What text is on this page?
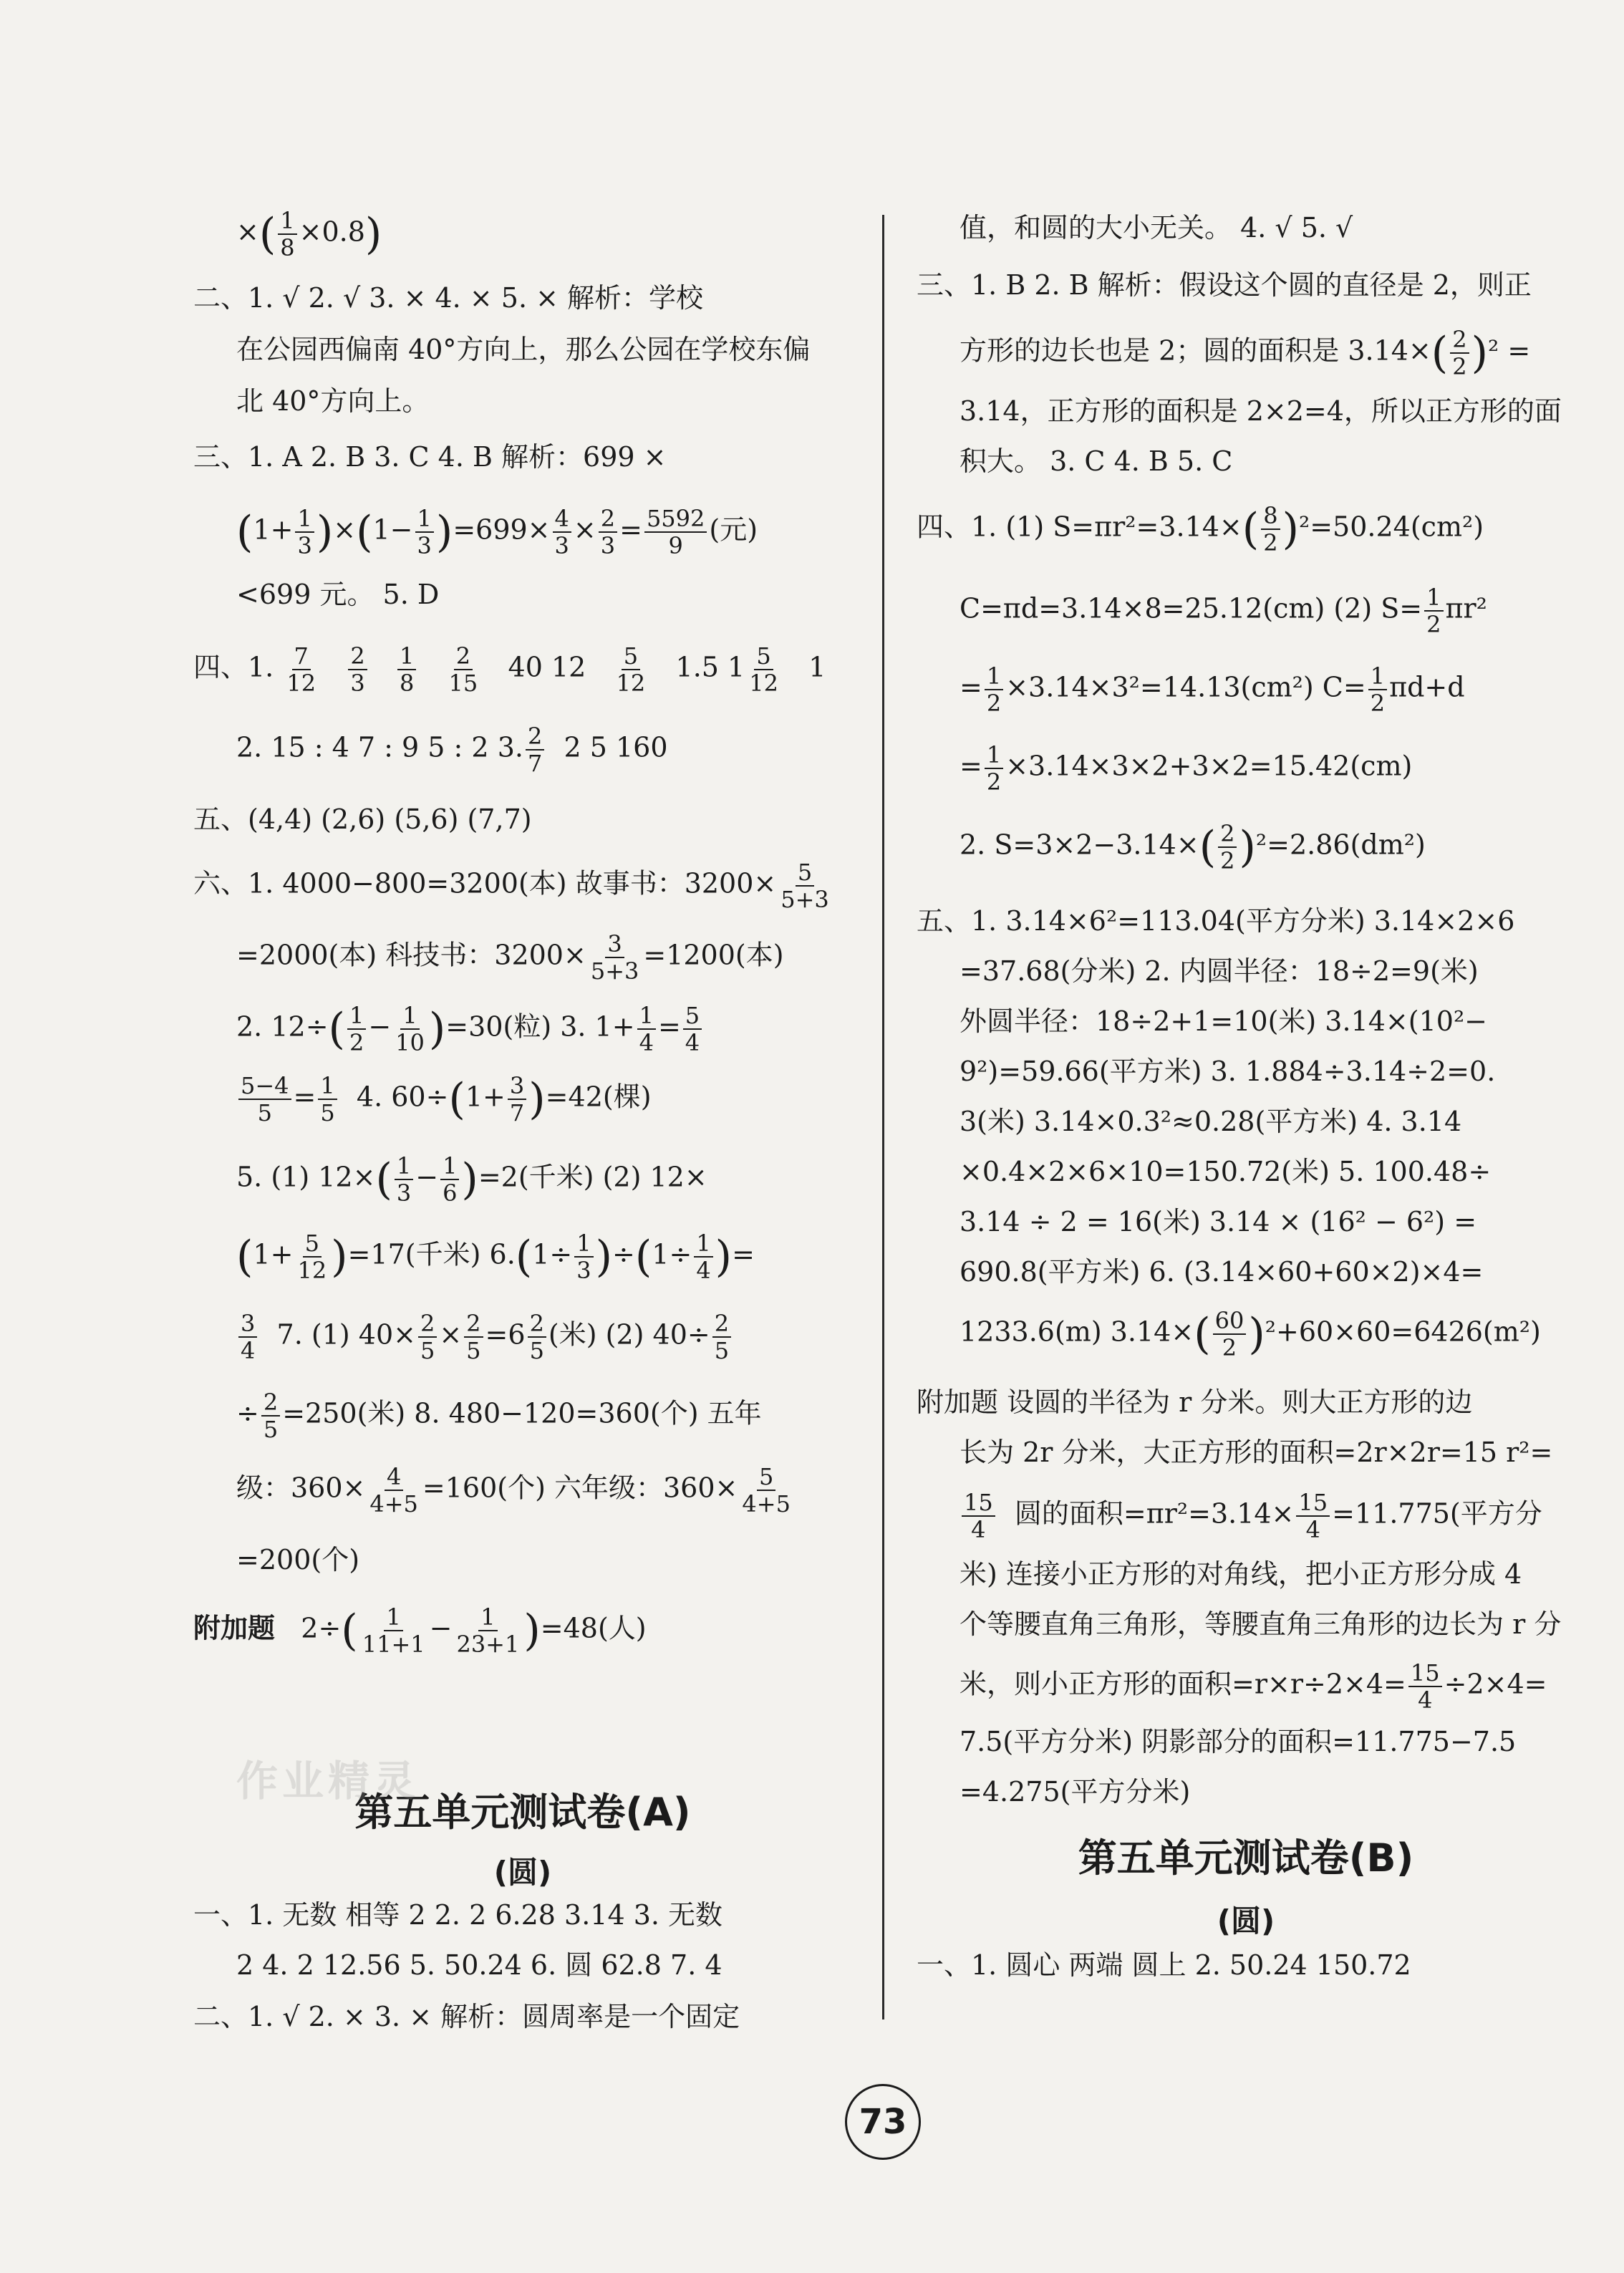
×( $\frac{1}{8} \times 0.8$)
二、1. √ 2. √ 3. × 4. × 5. × 解析：学校
在公园西偏南 40°方向上，那么公园在学校东偏
北 40°方向上。
三、1. A 2. B 3. C 4. B 解析：699 ×
$(1+ \frac{1}{3} )\times(1- \frac{1}{3} )=699\times \frac{4}{3} \times \frac{2}{3} = \frac{5592}{9}$ (元)
<699 元。 5. D
四、1. $\frac{7}{12}$
$\frac{2}{3}$
$\frac{1}{8}$
$\frac{2}{15} 40$ $12 \frac{5}{12} 1.5$ $1 \frac{5}{12} 1$
2. 15 : 4 7 : 9 5 : 2 3. $\frac{2}{7} 2$ 5 160
五、(4,4) (2,6) (5,6) (7,7)
六、1. 4000−800=3200(本) 故事书：$3200\times \frac{5}{5+3}$
=2000(本) 科技书：$3200\times \frac{3}{5+3} =1200$(本)
2. $12\div( \frac{1}{2} - \frac{1}{10} )=30$(粒) 3. $1+ \frac{1}{4} = \frac{5}{4}$
$\frac{5-4}{5} = \frac{1}{5} 4$. $60\div(1+ \frac{3}{7} )=42$(棵)
5. (1) $12\times( \frac{1}{3} - \frac{1}{6} )=2$(千米) (2) 12×
$(1+ \frac{5}{12} )=17$(千米) $6.(1\div \frac{1}{3} )\div(1\div \frac{1}{4}$ )=
$\frac{3}{4} 7$. (1) $40\times \frac{2}{5} \times \frac{2}{5} =6 \frac{2}{5}$ (米) (2) $40\div \frac{2}{5}$
÷ $\frac{2}{5} =250$(米) 8. 480−120=360(个) 五年
级：$360\times \frac{4}{4+5} =160$(个) 六年级：$360\times \frac{5}{4+5}$
=200(个)
附加题 $2\div( \frac{1}{11+1} - \frac{1}{23+1} )=48$(人)
第五单元测试卷(A)
(圆)
一、1. 无数 相等 2 2. 2 6.28 3.14 3. 无数
2 4. 2 12.56 5. 50.24 6. 圆 62.8 7. 4
二、1. √ 2. × 3. × 解析：圆周率是一个固定
值，和圆的大小无关。 4. √ 5. √
三、1. B 2. B 解析：假设这个圆的直径是 2，则正
方形的边长也是 2；圆的面积是 $3.14\times( \frac{2}{2} )^2$ =
3.14，正方形的面积是 2×2=4，所以正方形的面
积大。 3. C 4. B 5. C
四、1. (1) $S=\pi r^2=3.14\times( \frac{8}{2} )^2=50.24(cm^2)$
C=πd=3.14×8=25.12(cm) (2) $S= \frac{1}{2} \pi r^2$
= $\frac{1}{2} \times 3.14\times 3^2=14.13(cm^2)$ $C= \frac{1}{2} \pi d+d$
= $\frac{1}{2} \times 3.14\times 3\times 2+3\times 2=15.42(cm)$
2. $S=3\times 2-3.14\times( \frac{2}{2} )^2=2.86(dm^2)$
五、1. 3.14×6²=113.04(平方分米) 3.14×2×6
=37.68(分米) 2. 内圆半径：18÷2=9(米)
外圆半径：18÷2+1=10(米) 3.14×(10²−
9²)=59.66(平方米) 3. 1.884÷3.14÷2=0.
3(米) 3.14×0.3²≈0.28(平方米) 4. 3.14
×0.4×2×6×10=150.72(米) 5. 100.48÷
3.14 ÷ 2 = 16(米) 3.14 × (16² − 6²) =
690.8(平方米) 6. (3.14×60+60×2)×4=
1233.6(m) $3.14\times( \frac{60}{2} )^2+60\times 60=6426(m^2)$
附加题 设圆的半径为 r 分米。则大正方形的边
长为 2r 分米，大正方形的面积=2r×2r=15 r²=
$\frac{15}{4}$ 圆的面积$=\pi r^2=3.14\times \frac{15}{4} =11.775$(平方分
米) 连接小正方形的对角线，把小正方形分成 4
个等腰直角三角形，等腰直角三角形的边长为 r 分
米，则小正方形的面积$=r\times r\div 2\times 4= \frac{15}{4} \div 2\times 4=$
7.5(平方分米) 阴影部分的面积=11.775−7.5
=4.275(平方分米)
第五单元测试卷(B)
(圆)
一、1. 圆心 两端 圆上 2. 50.24 150.72
73
作业精灵
